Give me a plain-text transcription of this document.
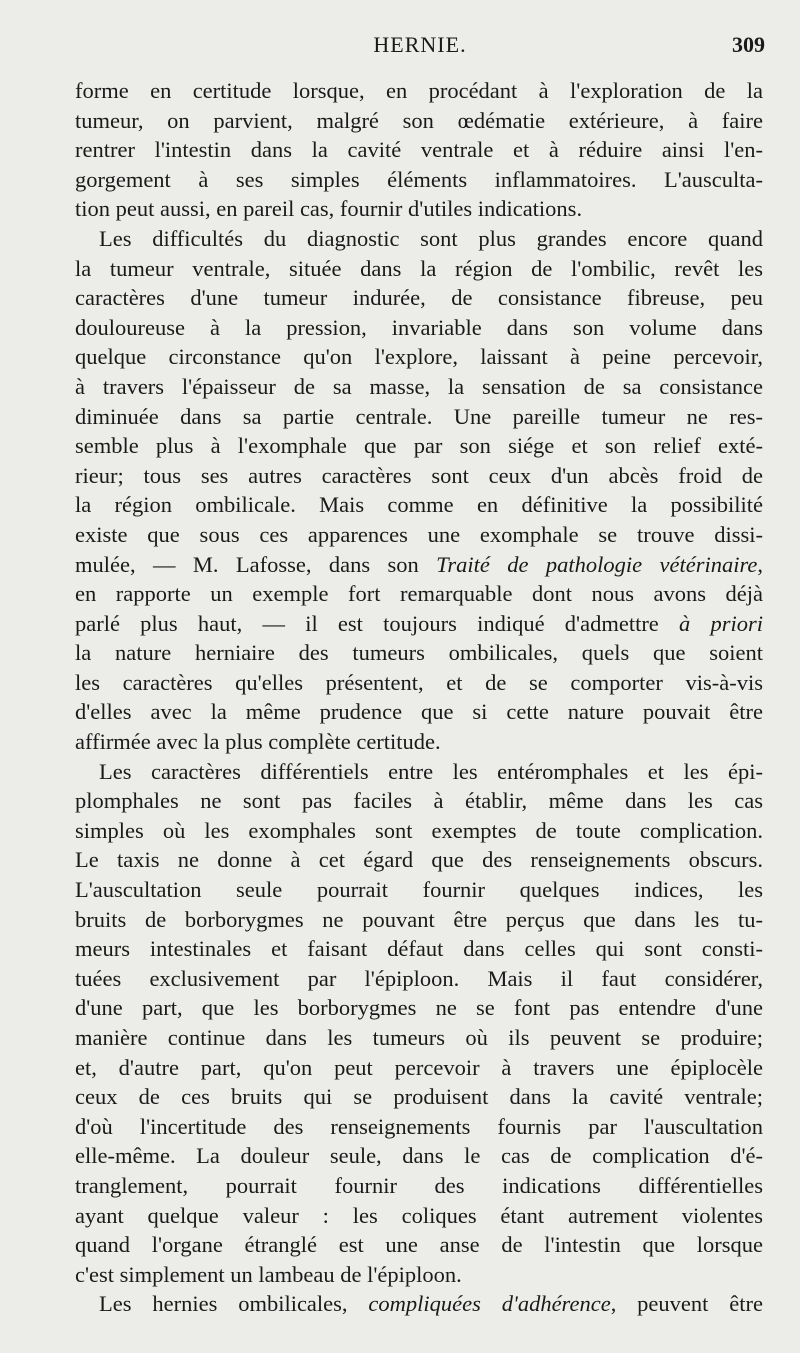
HERNIE.	309
forme en certitude lorsque, en procédant à l'exploration de la
tumeur, on parvient, malgré son œdématie extérieure, à faire
rentrer l'intestin dans la cavité ventrale et à réduire ainsi l'en-
gorgement à ses simples éléments inflammatoires. L'ausculta-
tion peut aussi, en pareil cas, fournir d'utiles indications.
Les difficultés du diagnostic sont plus grandes encore quand
la tumeur ventrale, située dans la région de l'ombilic, revêt les
caractères d'une tumeur indurée, de consistance fibreuse, peu
douloureuse à la pression, invariable dans son volume dans
quelque circonstance qu'on l'explore, laissant à peine percevoir,
à travers l'épaisseur de sa masse, la sensation de sa consistance
diminuée dans sa partie centrale. Une pareille tumeur ne res-
semble plus à l'exomphale que par son siége et son relief exté-
rieur; tous ses autres caractères sont ceux d'un abcès froid de
la région ombilicale. Mais comme en définitive la possibilité
existe que sous ces apparences une exomphale se trouve dissi-
mulée, — M. Lafosse, dans son Traité de pathologie vétérinaire,
en rapporte un exemple fort remarquable dont nous avons déjà
parlé plus haut, — il est toujours indiqué d'admettre à priori
la nature herniaire des tumeurs ombilicales, quels que soient
les caractères qu'elles présentent, et de se comporter vis-à-vis
d'elles avec la même prudence que si cette nature pouvait être
affirmée avec la plus complète certitude.
Les caractères différentiels entre les entéromphales et les épi-
plomphales ne sont pas faciles à établir, même dans les cas
simples où les exomphales sont exemptes de toute complication.
Le taxis ne donne à cet égard que des renseignements obscurs.
L'auscultation seule pourrait fournir quelques indices, les
bruits de borborygmes ne pouvant être perçus que dans les tu-
meurs intestinales et faisant défaut dans celles qui sont consti-
tuées exclusivement par l'épiploon. Mais il faut considérer,
d'une part, que les borborygmes ne se font pas entendre d'une
manière continue dans les tumeurs où ils peuvent se produire;
et, d'autre part, qu'on peut percevoir à travers une épiplocèle
ceux de ces bruits qui se produisent dans la cavité ventrale;
d'où l'incertitude des renseignements fournis par l'auscultation
elle-même. La douleur seule, dans le cas de complication d'é-
tranglement, pourrait fournir des indications différentielles
ayant quelque valeur : les coliques étant autrement violentes
quand l'organe étranglé est une anse de l'intestin que lorsque
c'est simplement un lambeau de l'épiploon.
Les hernies ombilicales, compliquées d'adhérence, peuvent être
